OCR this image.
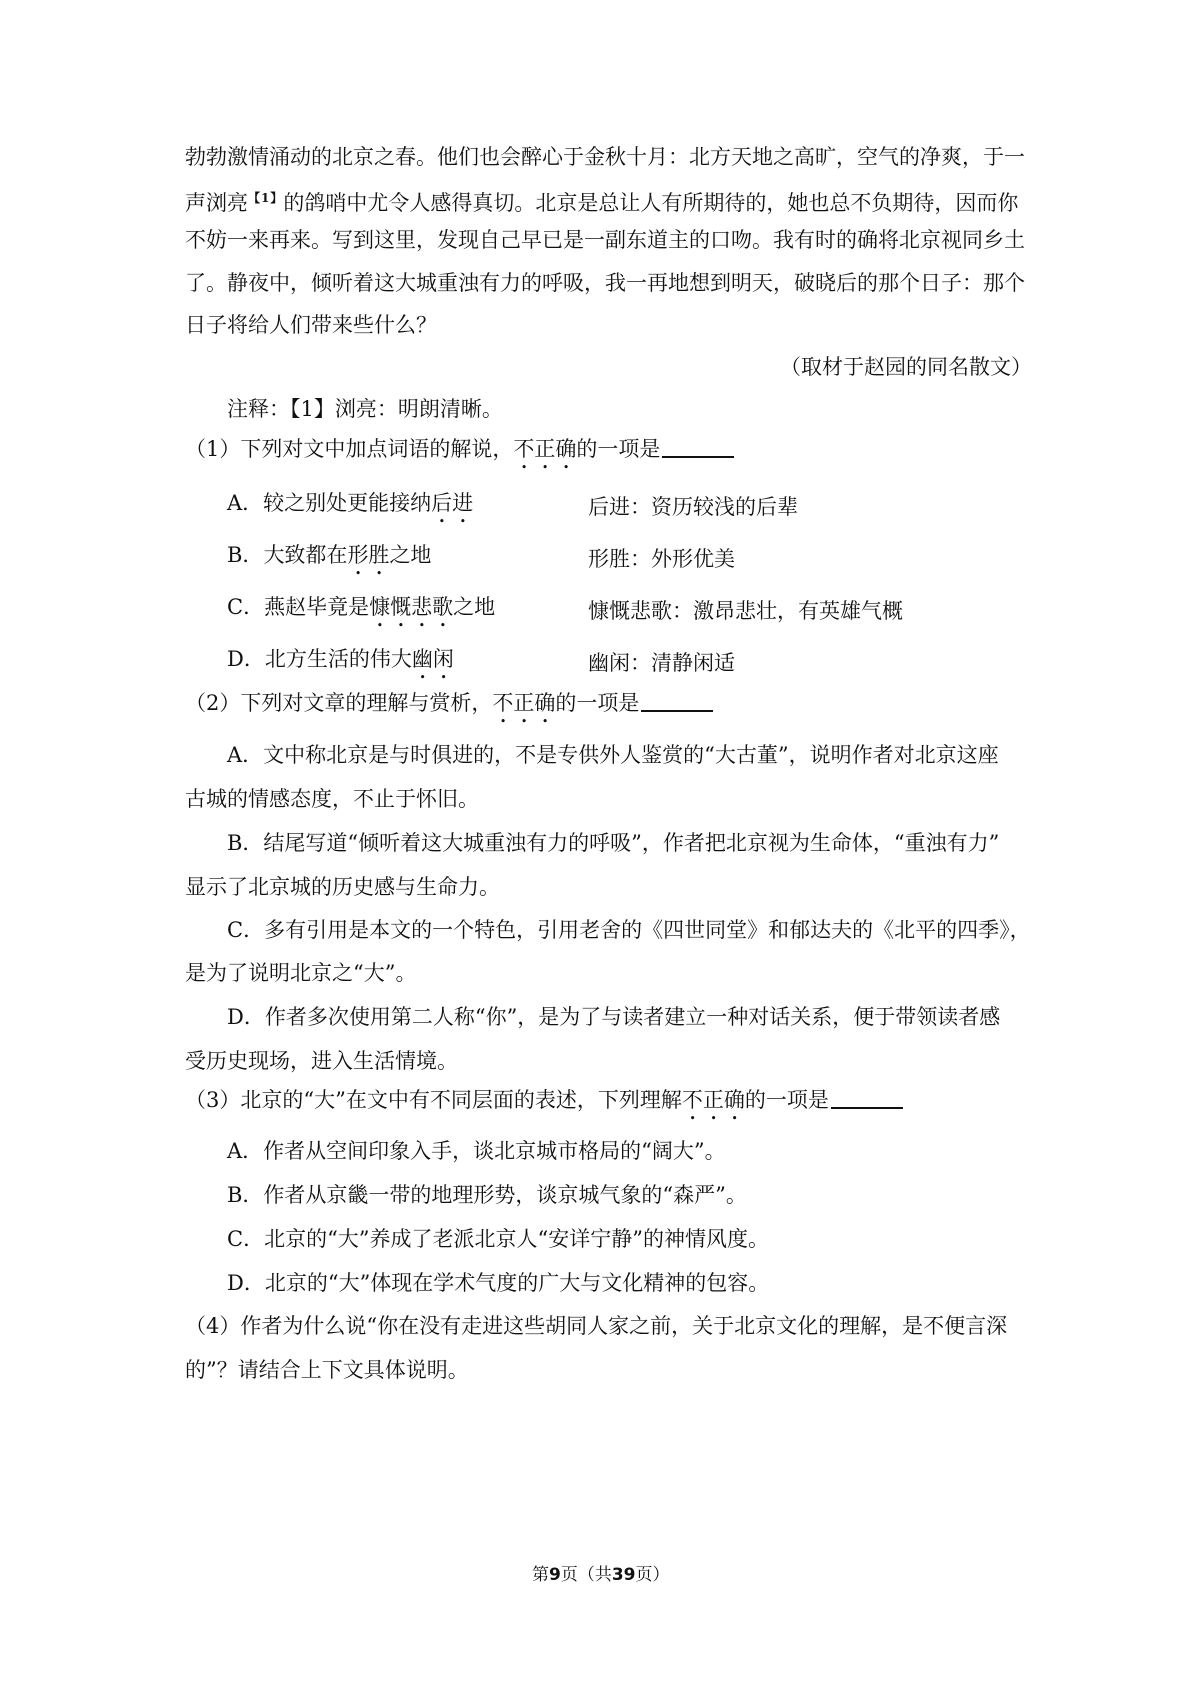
勃勃激情涌动的北京之春。他们也会醉心于金秋十月：北方天地之高旷，空气的净爽，于一
声浏亮$^{【1】}$的鸽哨中尤令人感得真切。北京是总让人有所期待的，她也总不负期待，因而你
不妨一来再来。写到这里，发现自己早已是一副东道主的口吻。我有时的确将北京视同乡土
了。静夜中，倾听着这大城重浊有力的呼吸，我一再地想到明天，破晓后的那个日子：那个
日子将给人们带来些什么？
（取材于赵园的同名散文）
注释：【1】浏亮：明朗清晰。
（1）下列对文中加点词语的解说，不正确的一项是
A．较之别处更能接纳后进	后进：资历较浅的后辈
B．大致都在形胜之地	形胜：外形优美
C．燕赵毕竟是慷慨悲歌之地	慷慨悲歌：激昂悲壮，有英雄气概
D．北方生活的伟大幽闲	幽闲：清静闲适
（2）下列对文章的理解与赏析，不正确的一项是
A．文中称北京是与时俱进的，不是专供外人鉴赏的“大古董”，说明作者对北京这座
古城的情感态度，不止于怀旧。
B．结尾写道“倾听着这大城重浊有力的呼吸”，作者把北京视为生命体，“重浊有力”
显示了北京城的历史感与生命力。
C．多有引用是本文的一个特色，引用老舍的《四世同堂》和郁达夫的《北平的四季》，
是为了说明北京之“大”。
D．作者多次使用第二人称“你”，是为了与读者建立一种对话关系，便于带领读者感
受历史现场，进入生活情境。
（3）北京的“大”在文中有不同层面的表述，下列理解不正确的一项是
A．作者从空间印象入手，谈北京城市格局的“阔大”。
B．作者从京畿一带的地理形势，谈京城气象的“森严”。
C．北京的“大”养成了老派北京人“安详宁静”的神情风度。
D．北京的“大”体现在学术气度的广大与文化精神的包容。
（4）作者为什么说“你在没有走进这些胡同人家之前，关于北京文化的理解，是不便言深
的”？请结合上下文具体说明。
第9页（共39页）
